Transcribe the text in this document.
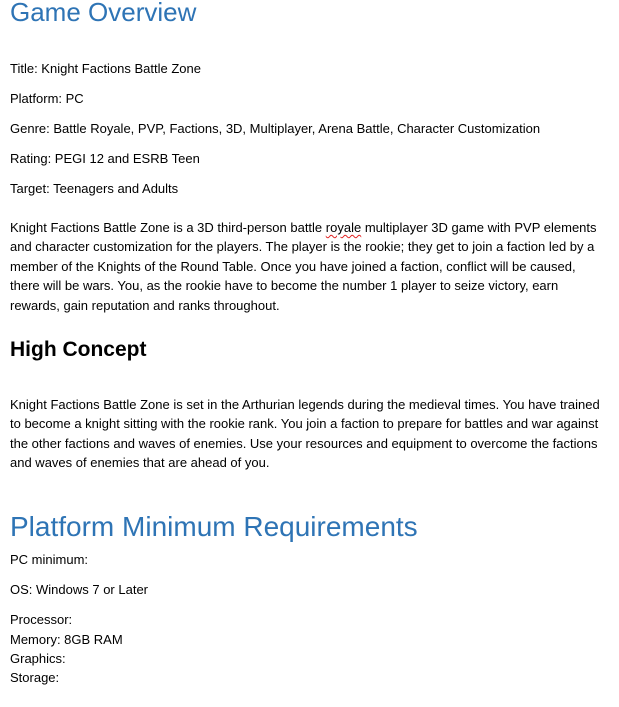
Game Overview

Title: Knight Factions Battle Zone

Platform: PC

Genre: Battle Royale, PVP, Factions, 3D, Multiplayer, Arena Battle, Character Customization

Rating: PEGI 12 and ESRB Teen

Target: Teenagers and Adults

Knight Factions Battle Zone is a 3D third-person battle royale multiplayer 3D game with PVP elements and character customization for the players. The player is the rookie; they get to join a faction led by a member of the Knights of the Round Table. Once you have joined a faction, conflict will be caused, there will be wars. You, as the rookie have to become the number 1 player to seize victory, earn rewards, gain reputation and ranks throughout.

High Concept

Knight Factions Battle Zone is set in the Arthurian legends during the medieval times. You have trained to become a knight sitting with the rookie rank. You join a faction to prepare for battles and war against the other factions and waves of enemies. Use your resources and equipment to overcome the factions and waves of enemies that are ahead of you.

Platform Minimum Requirements

PC minimum:

OS: Windows 7 or Later

Processor:

Memory: 8GB RAM

Graphics:

Storage:
